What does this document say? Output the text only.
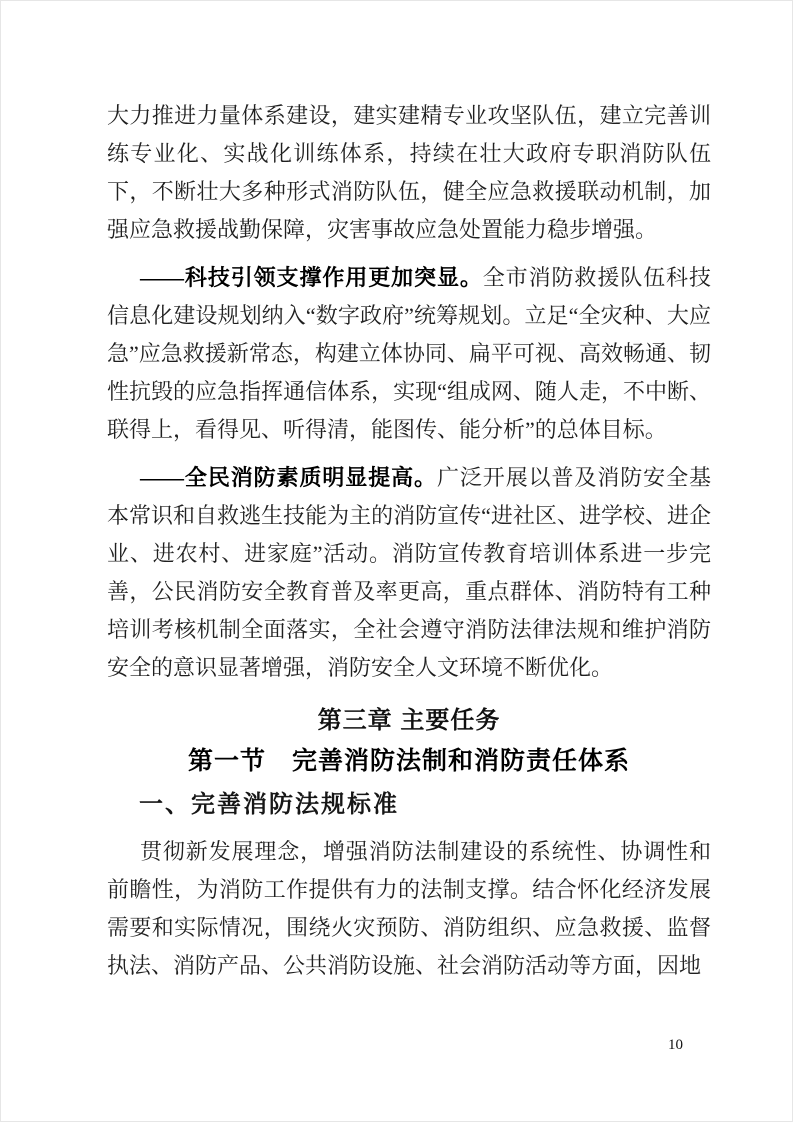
大力推进力量体系建设，建实建精专业攻坚队伍，建立完善训练专业化、实战化训练体系，持续在壮大政府专职消防队伍下，不断壮大多种形式消防队伍，健全应急救援联动机制，加强应急救援战勤保障，灾害事故应急处置能力稳步增强。

——科技引领支撑作用更加突显。全市消防救援队伍科技信息化建设规划纳入“数字政府”统筹规划。立足“全灾种、大应急”应急救援新常态，构建立体协同、扁平可视、高效畅通、韧性抗毁的应急指挥通信体系，实现“组成网、随人走，不中断、联得上，看得见、听得清，能图传、能分析”的总体目标。

——全民消防素质明显提高。广泛开展以普及消防安全基本常识和自救逃生技能为主的消防宣传“进社区、进学校、进企业、进农村、进家庭”活动。消防宣传教育培训体系进一步完善，公民消防安全教育普及率更高，重点群体、消防特有工种培训考核机制全面落实，全社会遵守消防法律法规和维护消防安全的意识显著增强，消防安全人文环境不断优化。

第三章 主要任务
第一节　完善消防法制和消防责任体系
一、完善消防法规标准

贯彻新发展理念，增强消防法制建设的系统性、协调性和前瞻性，为消防工作提供有力的法制支撑。结合怀化经济发展需要和实际情况，围绕火灾预防、消防组织、应急救援、监督执法、消防产品、公共消防设施、社会消防活动等方面，因地

10
